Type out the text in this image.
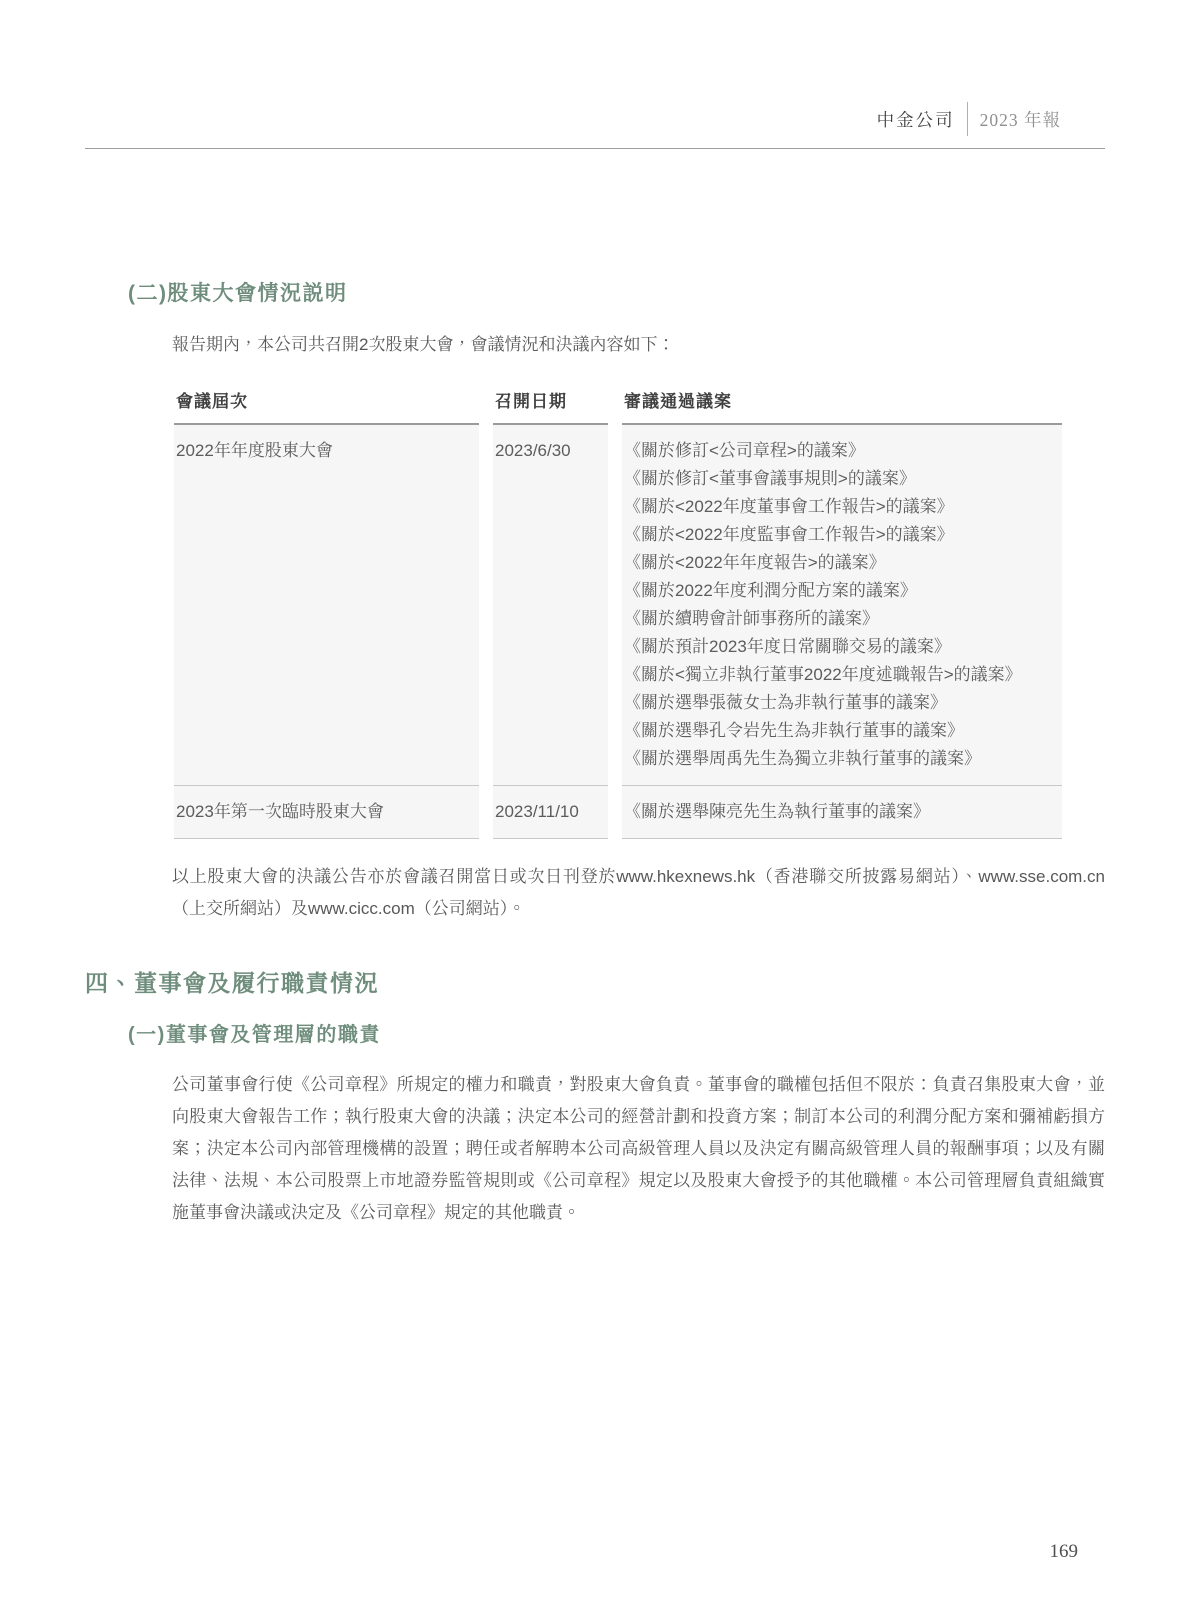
中金公司 2023 年報
(二)股東大會情況説明

報告期內，本公司共召開2次股東大會，會議情況和決議內容如下：

會議屆次	召開日期	審議通過議案
2022年年度股東大會	2023/6/30	《關於修訂<公司章程>的議案》
《關於修訂<董事會議事規則>的議案》
《關於<2022年度董事會工作報告>的議案》
《關於<2022年度監事會工作報告>的議案》
《關於<2022年年度報告>的議案》
《關於2022年度利潤分配方案的議案》
《關於續聘會計師事務所的議案》
《關於預計2023年度日常關聯交易的議案》
《關於<獨立非執行董事2022年度述職報告>的議案》
《關於選舉張薇女士為非執行董事的議案》
《關於選舉孔令岩先生為非執行董事的議案》
《關於選舉周禹先生為獨立非執行董事的議案》

2023年第一次臨時股東大會	2023/11/10	《關於選舉陳亮先生為執行董事的議案》

以上股東大會的決議公告亦於會議召開當日或次日刊登於www.hkexnews.hk（香港聯交所披露易網站）、www.sse.com.cn（上交所網站）及www.cicc.com（公司網站）。

四、董事會及履行職責情況
(一)董事會及管理層的職責

公司董事會行使《公司章程》所規定的權力和職責，對股東大會負責。董事會的職權包括但不限於：負責召集股東大會，並向股東大會報告工作；執行股東大會的決議；決定本公司的經營計劃和投資方案；制訂本公司的利潤分配方案和彌補虧損方案；決定本公司內部管理機構的設置；聘任或者解聘本公司高級管理人員以及決定有關高級管理人員的報酬事項；以及有關法律、法規、本公司股票上市地證券監管規則或《公司章程》規定以及股東大會授予的其他職權。本公司管理層負責組織實施董事會決議或決定及《公司章程》規定的其他職責。

169
